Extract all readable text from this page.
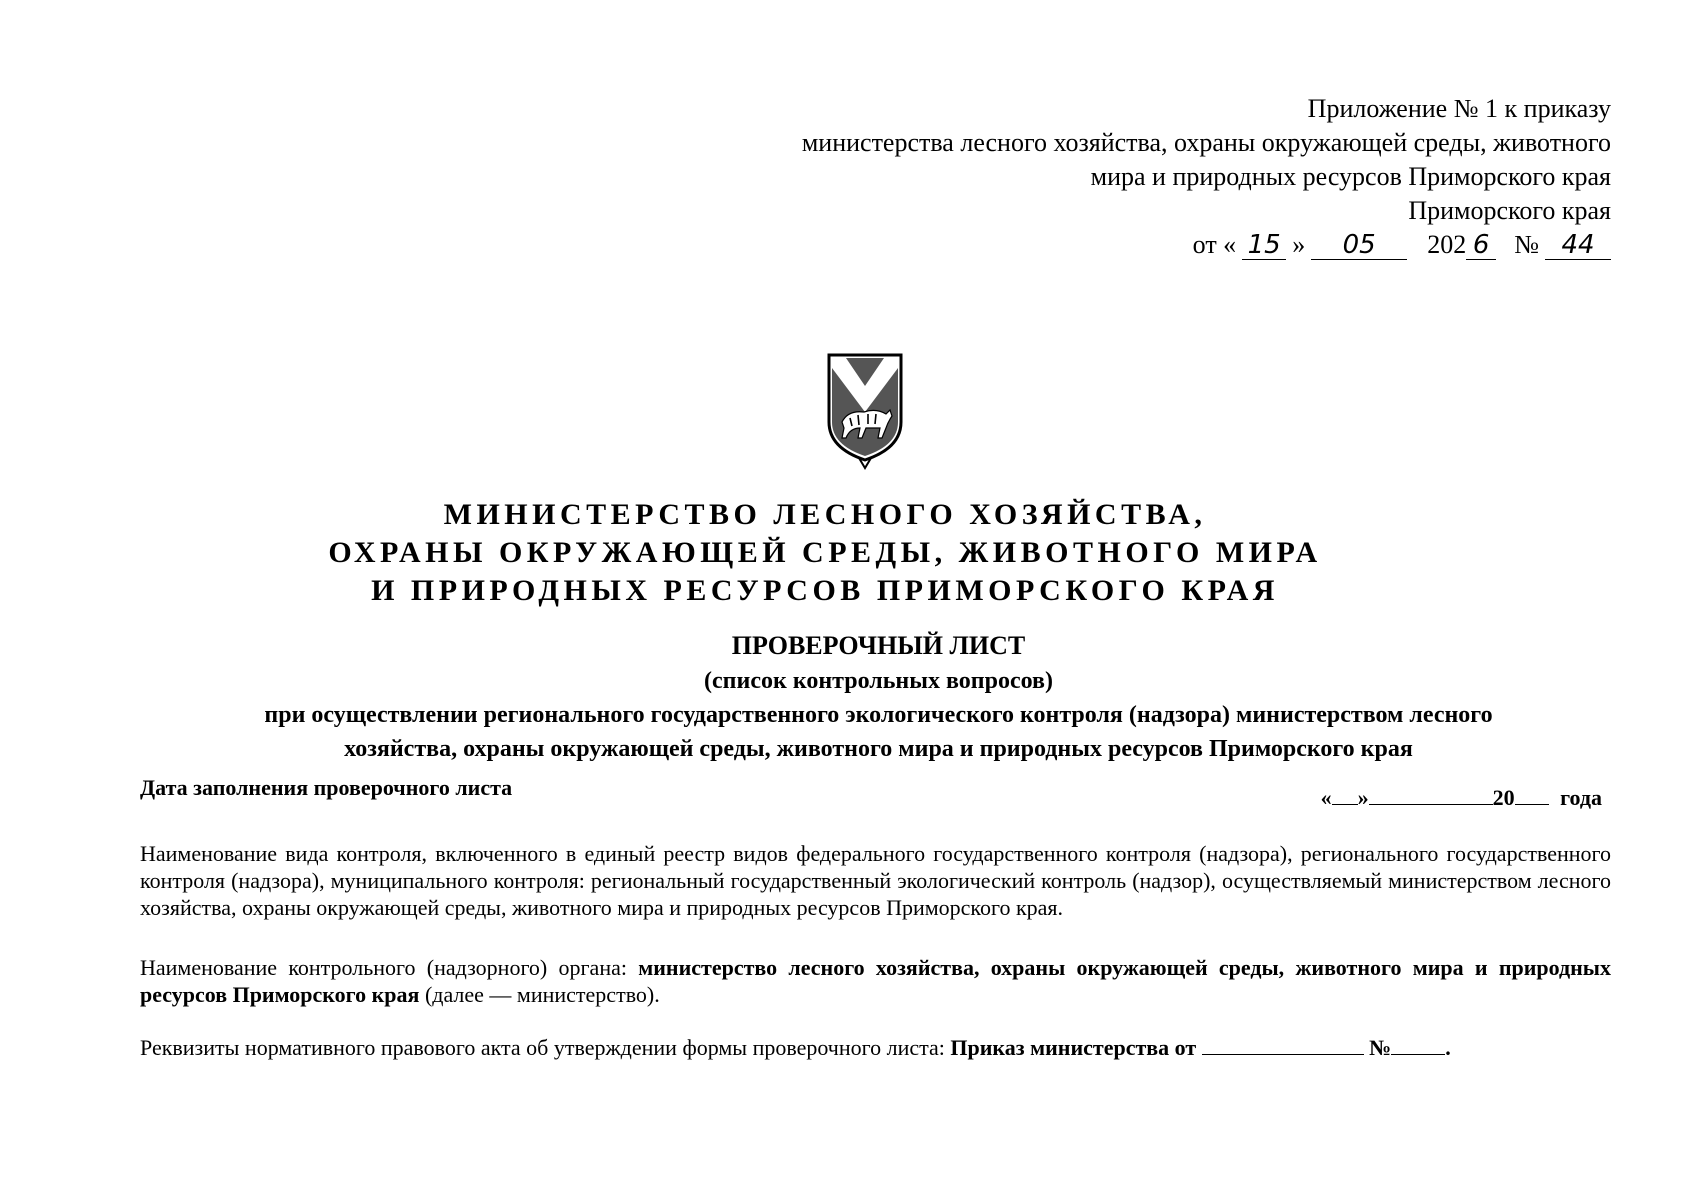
Приложение № 1 к приказу
министерства лесного хозяйства, охраны окружающей среды, животного
мира и природных ресурсов Приморского края
Приморского края
от « 15 »	05	202 6 № 44
МИНИСТЕРСТВО ЛЕСНОГО ХОЗЯЙСТВА,
ОХРАНЫ ОКРУЖАЮЩЕЙ СРЕДЫ, ЖИВОТНОГО МИРА
И ПРИРОДНЫХ РЕСУРСОВ ПРИМОРСКОГО КРАЯ
ПРОВЕРОЧНЫЙ ЛИСТ
(список контрольных вопросов)
при осуществлении регионального государственного экологического контроля (надзора) министерством лесного
хозяйства, охраны окружающей среды, животного мира и природных ресурсов Приморского края
Дата заполнения проверочного листа	« »	20 года
Наименование вида контроля, включенного в единый реестр видов федерального государственного контроля (надзора), регионального государственного контроля (надзора), муниципального контроля: региональный государственный экологический контроль (надзор), осуществляемый министерством лесного хозяйства, охраны окружающей среды, животного мира и природных ресурсов Приморского края.
Наименование контрольного (надзорного) органа: министерство лесного хозяйства, охраны окружающей среды, животного мира и природных ресурсов Приморского края (далее — министерство).
Реквизиты нормативного правового акта об утверждении формы проверочного листа: Приказ министерства от	№ .
